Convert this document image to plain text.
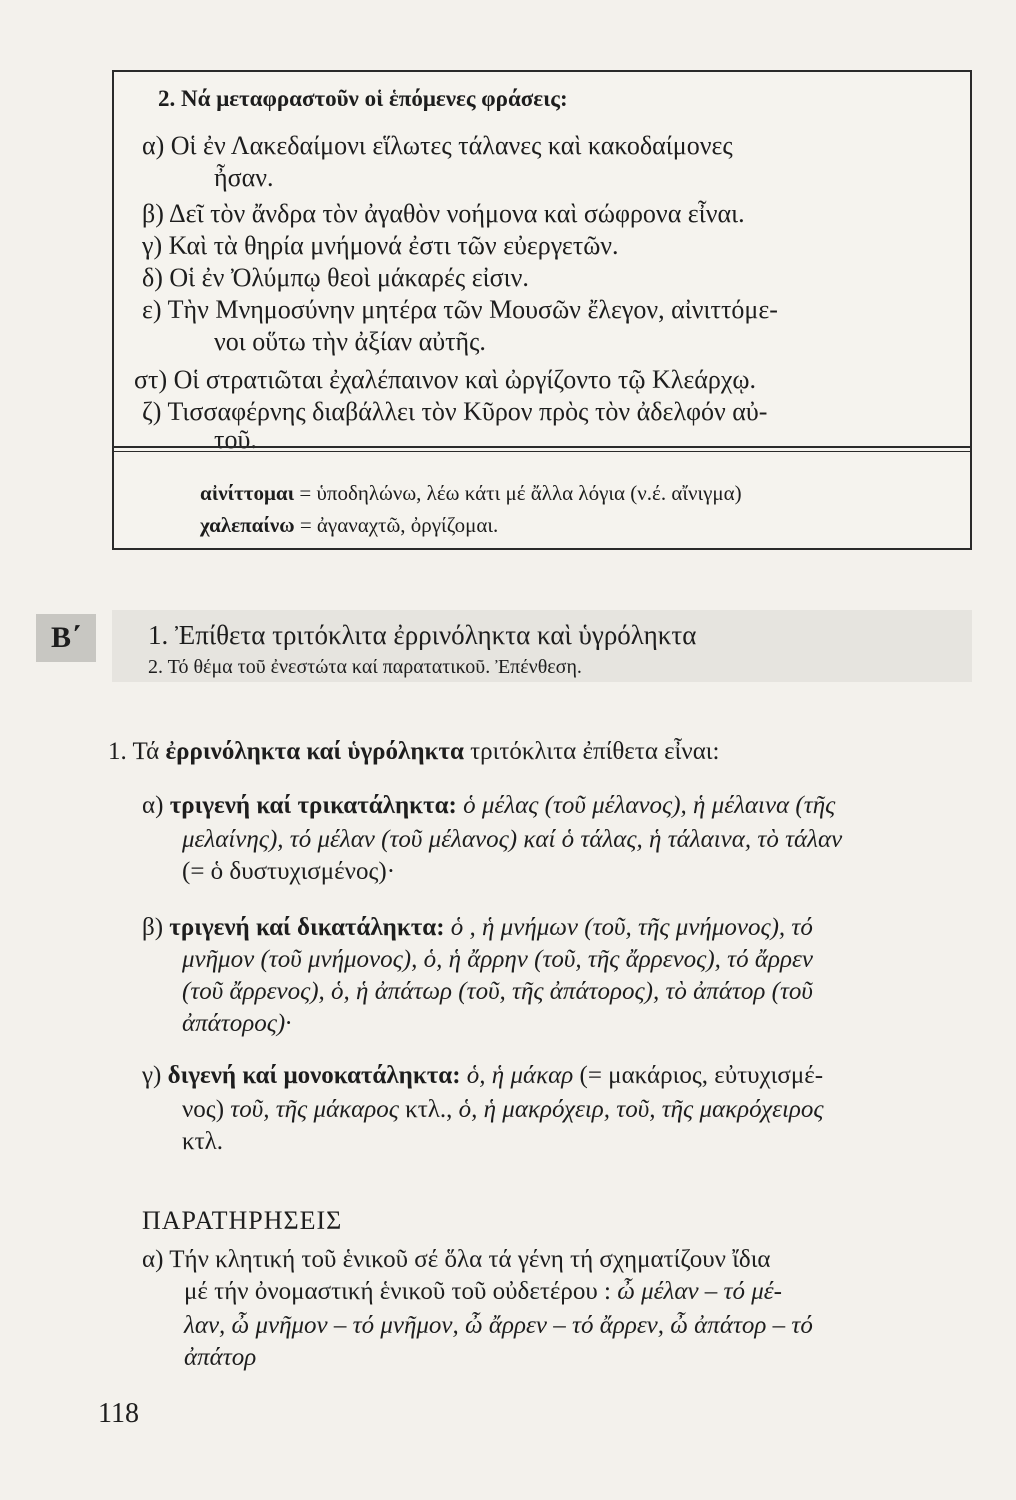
2. Νά μεταφραστοῦν οἱ ἑπόμενες φράσεις:
α) Οἱ ἐν Λακεδαίμονι εἵλωτες τάλανες καὶ κακοδαίμονες
ἦσαν.
β) Δεῖ τὸν ἄνδρα τὸν ἀγαθὸν νοήμονα καὶ σώφρονα εἶναι.
γ) Καὶ τὰ θηρία μνήμονά ἐστι τῶν εὐεργετῶν.
δ) Οἱ ἐν Ὀλύμπῳ θεοὶ μάκαρές εἰσιν.
ε) Τὴν Μνημοσύνην μητέρα τῶν Μουσῶν ἔλεγον, αἰνιττόμε-
νοι οὕτω τὴν ἀξίαν αὐτῆς.
στ) Οἱ στρατιῶται ἐχαλέπαινον καὶ ὠργίζοντο τῷ Κλεάρχῳ.
ζ) Τισσαφέρνης διαβάλλει τὸν Κῦρον πρὸς τὸν ἀδελφόν αὐ-
τοῦ.
αἰνίττομαι = ὑποδηλώνω, λέω κάτι μέ ἄλλα λόγια (ν.έ. αἴνιγμα)
χαλεπαίνω = ἀγαναχτῶ, ὀργίζομαι.
Β΄	1. Ἐπίθετα τριτόκλιτα ἐρρινόληκτα καὶ ὑγρόληκτα
2. Τό θέμα τοῦ ἐνεστώτα καί παρατατικοῦ. Ἐπένθεση.
1. Τά ἐρρινόληκτα καί ὑγρόληκτα τριτόκλιτα ἐπίθετα εἶναι:
α) τριγενή καί τρικατάληκτα: ὁ μέλας (τοῦ μέλανος), ἡ μέλαινα (τῆς
μελαίνης), τό μέλαν (τοῦ μέλανος) καί ὁ τάλας, ἡ τάλαινα, τὸ τάλαν
(= ὁ δυστυχισμένος)·
β) τριγενή καί δικατάληκτα: ὁ , ἡ μνήμων (τοῦ, τῆς μνήμονος), τό
μνῆμον (τοῦ μνήμονος), ὁ, ἡ ἄρρην (τοῦ, τῆς ἄρρενος), τό ἄρρεν
(τοῦ ἄρρενος), ὁ, ἡ ἀπάτωρ (τοῦ, τῆς ἀπάτορος), τὸ ἀπάτορ (τοῦ
ἀπάτορος)·
γ) διγενή καί μονοκατάληκτα: ὁ, ἡ μάκαρ (= μακάριος, εὐτυχισμέ-
νος) τοῦ, τῆς μάκαρος κτλ., ὁ, ἡ μακρόχειρ, τοῦ, τῆς μακρόχειρος
κτλ.
ΠΑΡΑΤΗΡΗΣΕΙΣ
α) Τήν κλητική τοῦ ἑνικοῦ σέ ὅλα τά γένη τή σχηματίζουν ἴδια
μέ τήν ὀνομαστική ἑνικοῦ τοῦ οὐδετέρου : ὦ μέλαν – τό μέ-
λαν, ὦ μνῆμον – τό μνῆμον, ὦ ἄρρεν – τό ἄρρεν, ὦ ἀπάτορ – τό
ἀπάτορ
118
